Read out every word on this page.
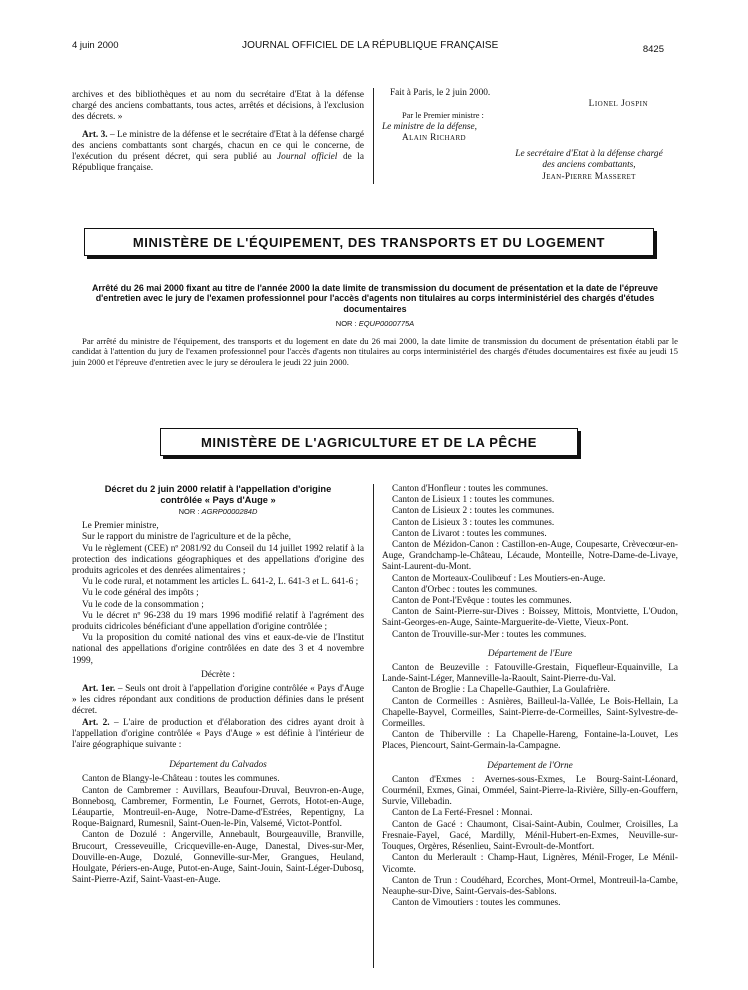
4 juin 2000	JOURNAL OFFICIEL DE LA RÉPUBLIQUE FRANÇAISE	8425

archives et des bibliothèques et au nom du secrétaire d'Etat à la défense chargé des anciens combattants, tous actes, arrêtés et décisions, à l'exclusion des décrets. »

Art. 3. – Le ministre de la défense et le secrétaire d'Etat à la défense chargé des anciens combattants sont chargés, chacun en ce qui le concerne, de l'exécution du présent décret, qui sera publié au Journal officiel de la République française.

Fait à Paris, le 2 juin 2000.

Lionel Jospin

Par le Premier ministre :

Le ministre de la défense,

Alain Richard

Le secrétaire d'Etat à la défense chargé des anciens combattants,

Jean-Pierre Masseret

MINISTÈRE DE L'ÉQUIPEMENT, DES TRANSPORTS ET DU LOGEMENT

Arrêté du 26 mai 2000 fixant au titre de l'année 2000 la date limite de transmission du document de présentation et la date de l'épreuve d'entretien avec le jury de l'examen professionnel pour l'accès d'agents non titulaires au corps interministériel des chargés d'études documentaires

NOR : EQUP0000775A

Par arrêté du ministre de l'équipement, des transports et du logement en date du 26 mai 2000, la date limite de transmission du document de présentation établi par le candidat à l'attention du jury de l'examen professionnel pour l'accès d'agents non titulaires au corps interministériel des chargés d'études documentaires est fixée au jeudi 15 juin 2000 et l'épreuve d'entretien avec le jury se déroulera le jeudi 22 juin 2000.

MINISTÈRE DE L'AGRICULTURE ET DE LA PÊCHE

Décret du 2 juin 2000 relatif à l'appellation d'origine contrôlée « Pays d'Auge »

NOR : AGRP0000284D

Le Premier ministre,

Sur le rapport du ministre de l'agriculture et de la pêche,

Vu le règlement (CEE) nº 2081/92 du Conseil du 14 juillet 1992 relatif à la protection des indications géographiques et des appellations d'origine des produits agricoles et des denrées alimentaires ;

Vu le code rural, et notamment les articles L. 641-2, L. 641-3 et L. 641-6 ;

Vu le code général des impôts ;

Vu le code de la consommation ;

Vu le décret nº 96-238 du 19 mars 1996 modifié relatif à l'agrément des produits cidricoles bénéficiant d'une appellation d'origine contrôlée ;

Vu la proposition du comité national des vins et eaux-de-vie de l'Institut national des appellations d'origine contrôlées en date des 3 et 4 novembre 1999,

Décrète :

Art. 1er. – Seuls ont droit à l'appellation d'origine contrôlée « Pays d'Auge » les cidres répondant aux conditions de production définies dans le présent décret.

Art. 2. – L'aire de production et d'élaboration des cidres ayant droit à l'appellation d'origine contrôlée « Pays d'Auge » est définie à l'intérieur de l'aire géographique suivante :

Département du Calvados

Canton de Blangy-le-Château : toutes les communes.

Canton de Cambremer : Auvillars, Beaufour-Druval, Beuvron-en-Auge, Bonnebosq, Cambremer, Formentin, Le Fournet, Gerrots, Hotot-en-Auge, Léaupartie, Montreuil-en-Auge, Notre-Dame-d'Estrées, Repentigny, La Roque-Baignard, Rumesnil, Saint-Ouen-le-Pin, Valsemé, Victot-Pontfol.

Canton de Dozulé : Angerville, Annebault, Bourgeauville, Branville, Brucourt, Cresseveuille, Cricqueville-en-Auge, Danestal, Dives-sur-Mer, Douville-en-Auge, Dozulé, Gonneville-sur-Mer, Grangues, Heuland, Houlgate, Périers-en-Auge, Putot-en-Auge, Saint-Jouin, Saint-Léger-Dubosq, Saint-Pierre-Azif, Saint-Vaast-en-Auge.

Canton d'Honfleur : toutes les communes.

Canton de Lisieux 1 : toutes les communes.

Canton de Lisieux 2 : toutes les communes.

Canton de Lisieux 3 : toutes les communes.

Canton de Livarot : toutes les communes.

Canton de Mézidon-Canon : Castillon-en-Auge, Coupesarte, Crèvecœur-en-Auge, Grandchamp-le-Château, Lécaude, Monteille, Notre-Dame-de-Livaye, Saint-Laurent-du-Mont.

Canton de Morteaux-Coulibœuf : Les Moutiers-en-Auge.

Canton d'Orbec : toutes les communes.

Canton de Pont-l'Evêque : toutes les communes.

Canton de Saint-Pierre-sur-Dives : Boissey, Mittois, Montviette, L'Oudon, Saint-Georges-en-Auge, Sainte-Marguerite-de-Viette, Vieux-Pont.

Canton de Trouville-sur-Mer : toutes les communes.

Département de l'Eure

Canton de Beuzeville : Fatouville-Grestain, Fiquefleur-Equainville, La Lande-Saint-Léger, Manneville-la-Raoult, Saint-Pierre-du-Val.

Canton de Broglie : La Chapelle-Gauthier, La Goulafrière.

Canton de Cormeilles : Asnières, Bailleul-la-Vallée, Le Bois-Hellain, La Chapelle-Bayvel, Cormeilles, Saint-Pierre-de-Cormeilles, Saint-Sylvestre-de-Cormeilles.

Canton de Thiberville : La Chapelle-Hareng, Fontaine-la-Louvet, Les Places, Piencourt, Saint-Germain-la-Campagne.

Département de l'Orne

Canton d'Exmes : Avernes-sous-Exmes, Le Bourg-Saint-Léonard, Courménil, Exmes, Ginai, Omméel, Saint-Pierre-la-Rivière, Silly-en-Gouffern, Survie, Villebadin.

Canton de La Ferté-Fresnel : Monnai.

Canton de Gacé : Chaumont, Cisai-Saint-Aubin, Coulmer, Croisilles, La Fresnaie-Fayel, Gacé, Mardilly, Ménil-Hubert-en-Exmes, Neuville-sur-Touques, Orgères, Résenlieu, Saint-Evroult-de-Montfort.

Canton du Merlerault : Champ-Haut, Lignères, Ménil-Froger, Le Ménil-Vicomte.

Canton de Trun : Coudéhard, Ecorches, Mont-Ormel, Montreuil-la-Cambe, Neauphe-sur-Dive, Saint-Gervais-des-Sablons.

Canton de Vimoutiers : toutes les communes.
